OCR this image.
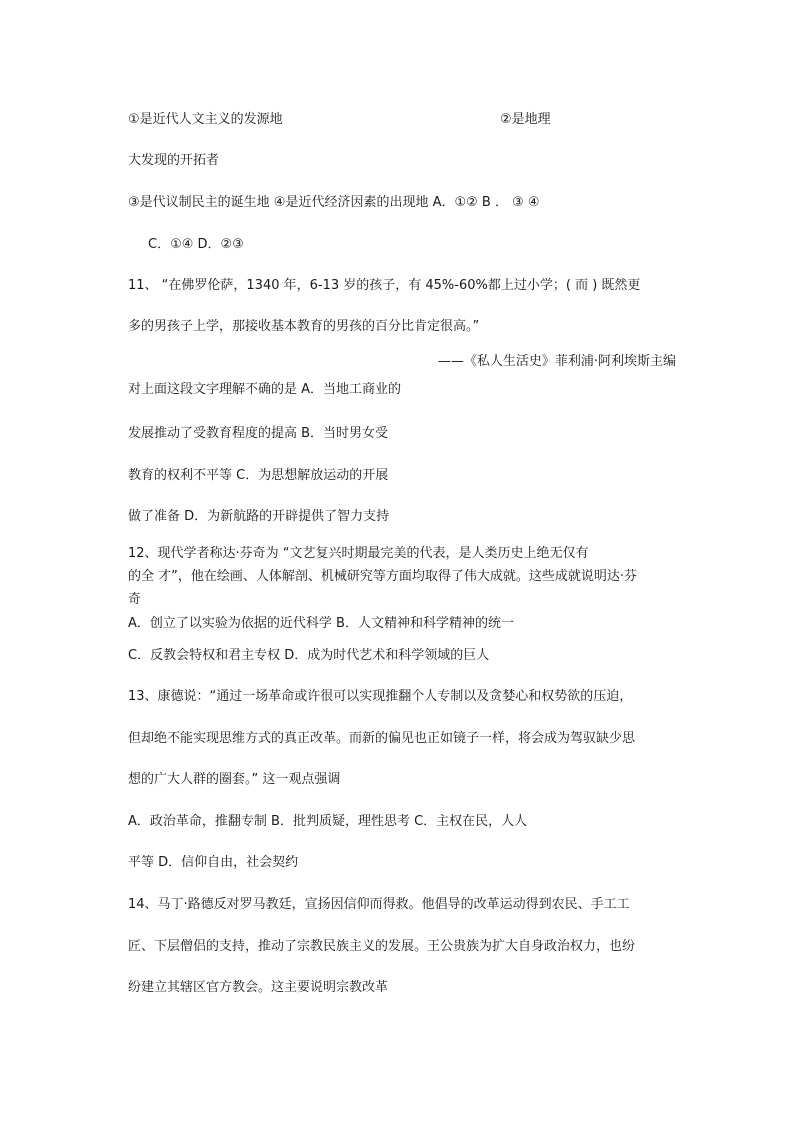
①是近代人文主义的发源地	②是地理
大发现的开拓者
③是代议制民主的诞生地 ④是近代经济因素的出现地 A．①② B ． ③ ④
C．①④ D．②③
11、 “在佛罗伦萨，1340 年，6-13 岁的孩子，有 45%-60%都上过小学；( 而 ) 既然更
多的男孩子上学，那接收基本教育的男孩的百分比肯定很高。”
——《私人生活史》菲利浦·阿利埃斯主编
对上面这段文字理解不确的是 A．当地工商业的
发展推动了受教育程度的提高 B．当时男女受
教育的权利不平等 C．为思想解放运动的开展
做了准备 D．为新航路的开辟提供了智力支持
12、现代学者称达·芬奇为 “文艺复兴时期最完美的代表，是人类历史上绝无仅有
的全 才”，他在绘画、人体解剖、机械研究等方面均取得了伟大成就。这些成就说明达·芬
奇
A．创立了以实验为依据的近代科学 B．人文精神和科学精神的统一
C．反教会特权和君主专权 D．成为时代艺术和科学领域的巨人
13、康德说：“通过一场革命或许很可以实现推翻个人专制以及贪婪心和权势欲的压迫，
但却绝不能实现思维方式的真正改革。而新的偏见也正如镜子一样，将会成为驾驭缺少思
想的广大人群的圈套。” 这一观点强调
A．政治革命，推翻专制 B．批判质疑，理性思考 C．主权在民，人人
平等 D．信仰自由，社会契约
14、马丁·路德反对罗马教廷，宣扬因信仰而得救。他倡导的改革运动得到农民、手工工
匠、下层僧侣的支持，推动了宗教民族主义的发展。王公贵族为扩大自身政治权力，也纷
纷建立其辖区官方教会。这主要说明宗教改革
